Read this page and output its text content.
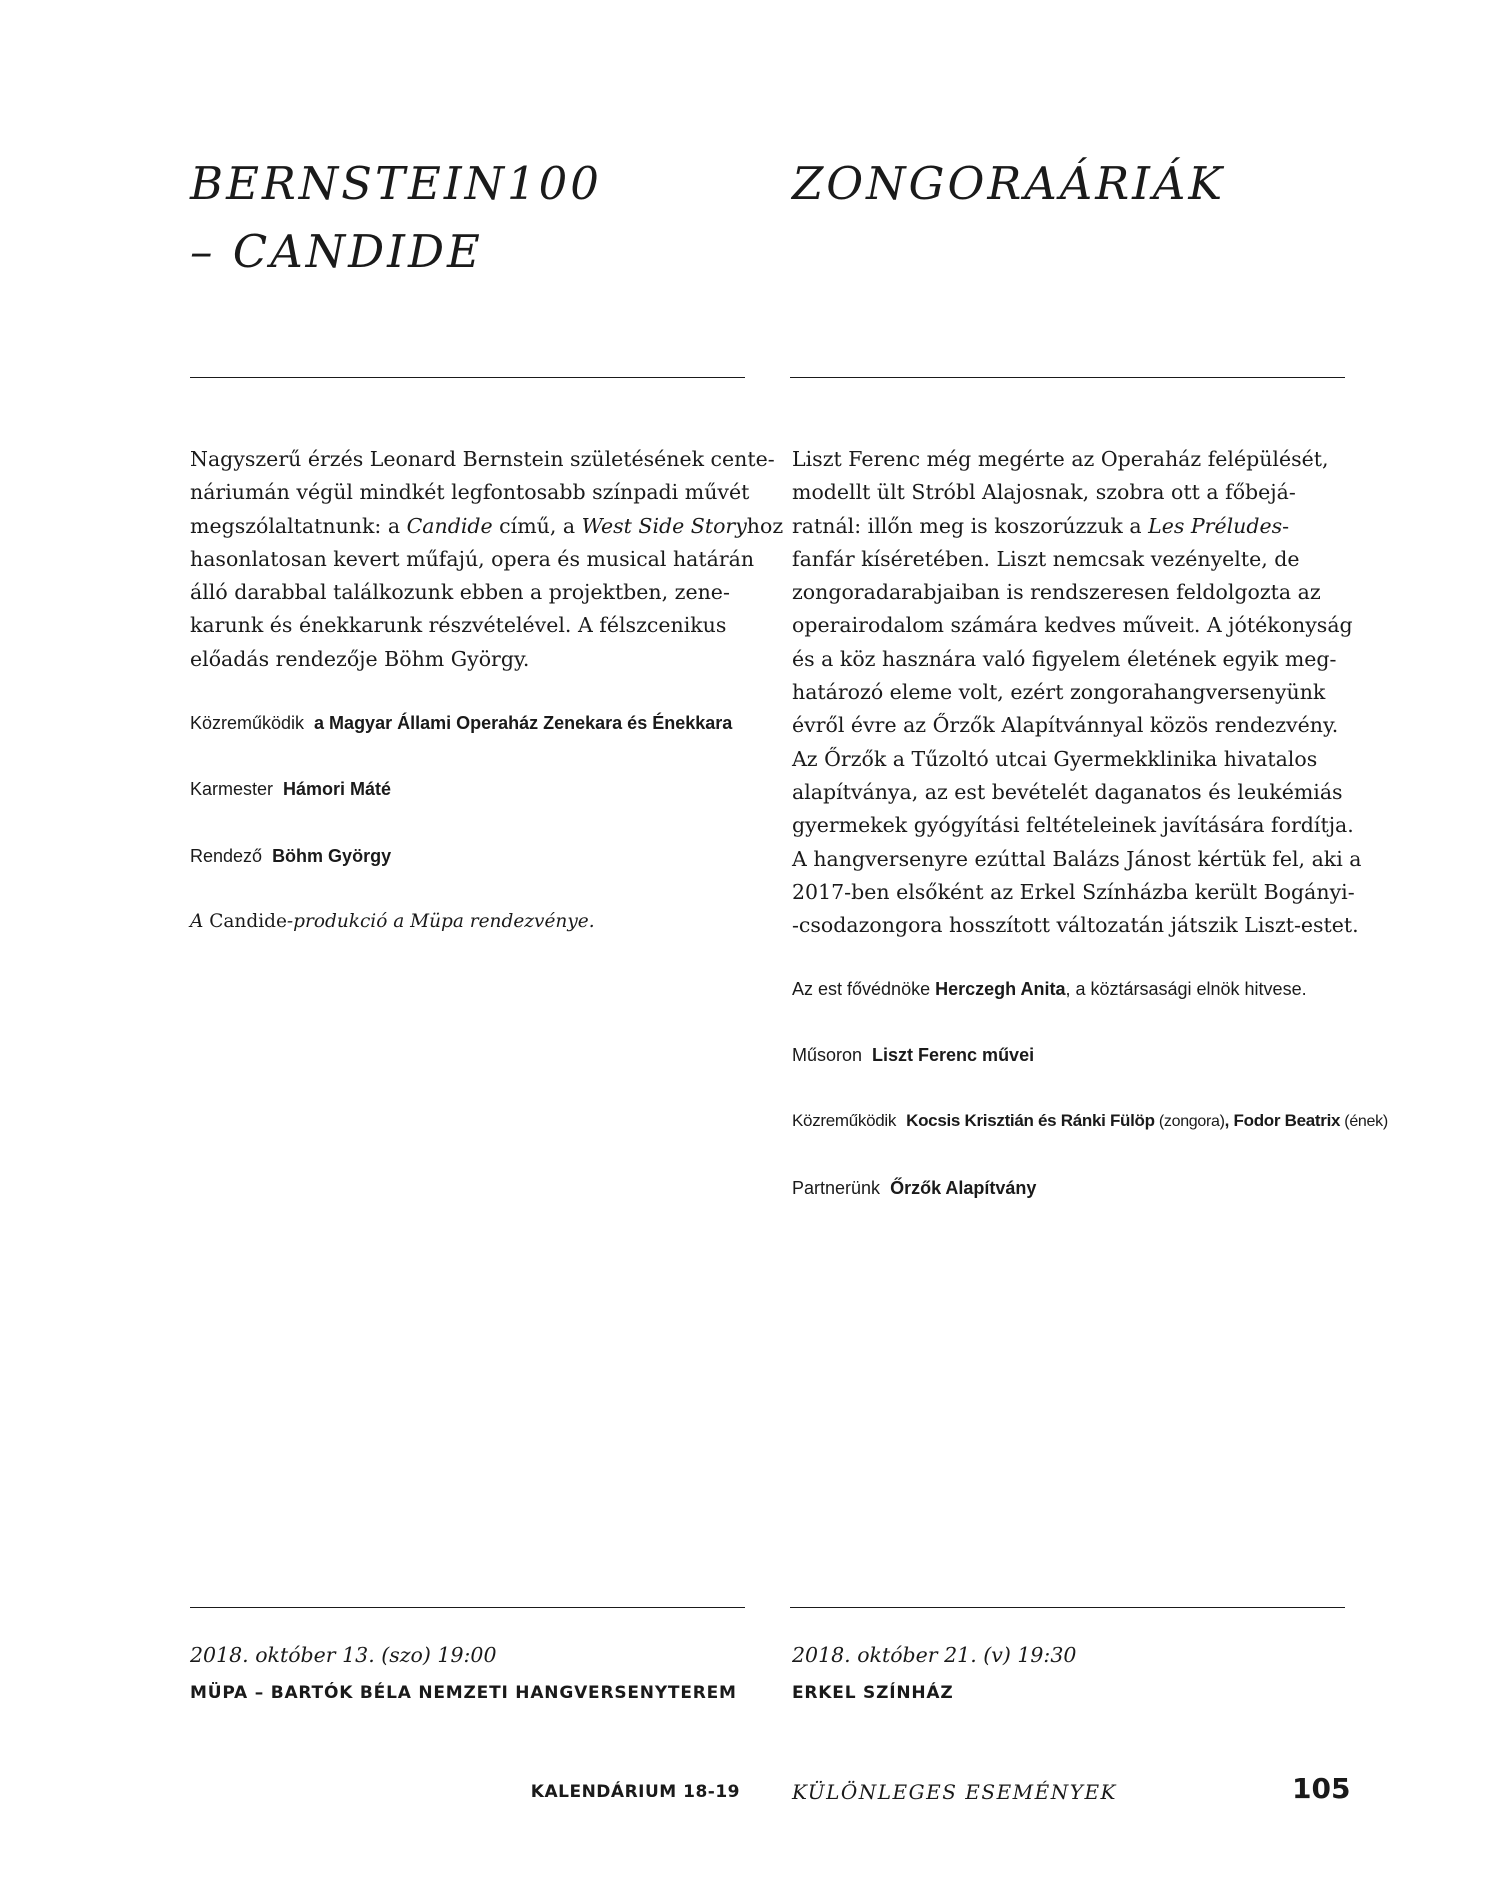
BERNSTEIN100
– CANDIDE

Nagyszerű érzés Leonard Bernstein születésének cente-
náriumán végül mindkét legfontosabb színpadi művét
megszólaltatnunk: a Candide című, a West Side Storyhoz
hasonlatosan kevert műfajú, opera és musical határán
álló darabbal találkozunk ebben a projektben, zene-
karunk és énekkarunk részvételével. A félszcenikus
előadás rendezője Böhm György.

Közreműködik a Magyar Állami Operaház Zenekara és Énekkara

Karmester Hámori Máté

Rendező Böhm György

A Candide-produkció a Müpa rendezvénye.

2018. október 13. (szo) 19:00

MÜPA – BARTÓK BÉLA NEMZETI HANGVERSENYTEREM

ZONGORAÁRIÁK

Liszt Ferenc még megérte az Operaház felépülését,
modellt ült Stróbl Alajosnak, szobra ott a főbejá-
ratnál: illőn meg is koszorúzzuk a Les Préludes-
fanfár kíséretében. Liszt nemcsak vezényelte, de
zongoradarabjaiban is rendszeresen feldolgozta az
operairodalom számára kedves műveit. A jótékonyság
és a köz hasznára való figyelem életének egyik meg-
határozó eleme volt, ezért zongorahangversenyünk
évről évre az Őrzők Alapítvánnyal közös rendezvény.
Az Őrzők a Tűzoltó utcai Gyermekklinika hivatalos
alapítványa, az est bevételét daganatos és leukémiás
gyermekek gyógyítási feltételeinek javítására fordítja.
A hangversenyre ezúttal Balázs Jánost kértük fel, aki a
2017-ben elsőként az Erkel Színházba került Bogányi-
-csodazongora hosszított változatán játszik Liszt-estet.

Az est fővédnöke Herczegh Anita, a köztársasági elnök hitvese.

Műsoron Liszt Ferenc művei

Közreműködik Kocsis Krisztián és Ránki Fülöp (zongora), Fodor Beatrix (ének)

Partnerünk Őrzők Alapítvány

2018. október 21. (v) 19:30

ERKEL SZÍNHÁZ

KALENDÁRIUM 18-19	KÜLÖNLEGES ESEMÉNYEK	105
